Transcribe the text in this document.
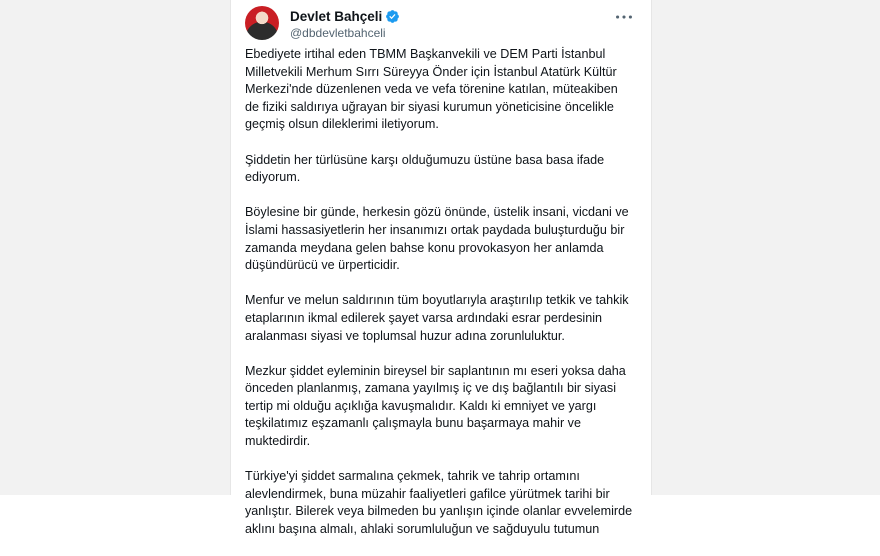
Devlet Bahçeli
@dbdevletbahceli

Ebediyete irtihal eden TBMM Başkanvekili ve DEM Parti İstanbul Milletvekili Merhum Sırrı Süreyya Önder için İstanbul Atatürk Kültür Merkezi'nde düzenlenen veda ve vefa törenine katılan, müteakiben de fiziki saldırıya uğrayan bir siyasi kurumun yöneticisine öncelikle geçmiş olsun dileklerimi iletiyorum.

Şiddetin her türlüsüne karşı olduğumuzu üstüne basa basa ifade ediyorum.

Böylesine bir günde, herkesin gözü önünde, üstelik insani, vicdani ve İslami hassasiyetlerin her insanımızı ortak paydada buluşturduğu bir zamanda meydana gelen bahse konu provokasyon her anlamda düşündürücü ve ürperticidir.

Menfur ve melun saldırının tüm boyutlarıyla araştırılıp tetkik ve tahkik etaplarının ikmal edilerek şayet varsa ardındaki esrar perdesinin aralanması siyasi ve toplumsal huzur adına zorunluluktur.

Mezkur şiddet eyleminin bireysel bir saplantının mı eseri yoksa daha önceden planlanmış, zamana yayılmış iç ve dış bağlantılı bir siyasi tertip mi olduğu açıklığa kavuşmalıdır. Kaldı ki emniyet ve yargı teşkilatımız eşzamanlı çalışmayla bunu başarmaya mahir ve muktedirdir.

Türkiye'yi şiddet sarmalına çekmek, tahrik ve tahrip ortamını alevlendirmek, buna müzahir faaliyetleri gafilce yürütmek tarihi bir yanlıştır. Bilerek veya bilmeden bu yanlışın içinde olanlar evvelemirde aklını başına almalı, ahlaki sorumluluğun ve sağduyulu tutumun
